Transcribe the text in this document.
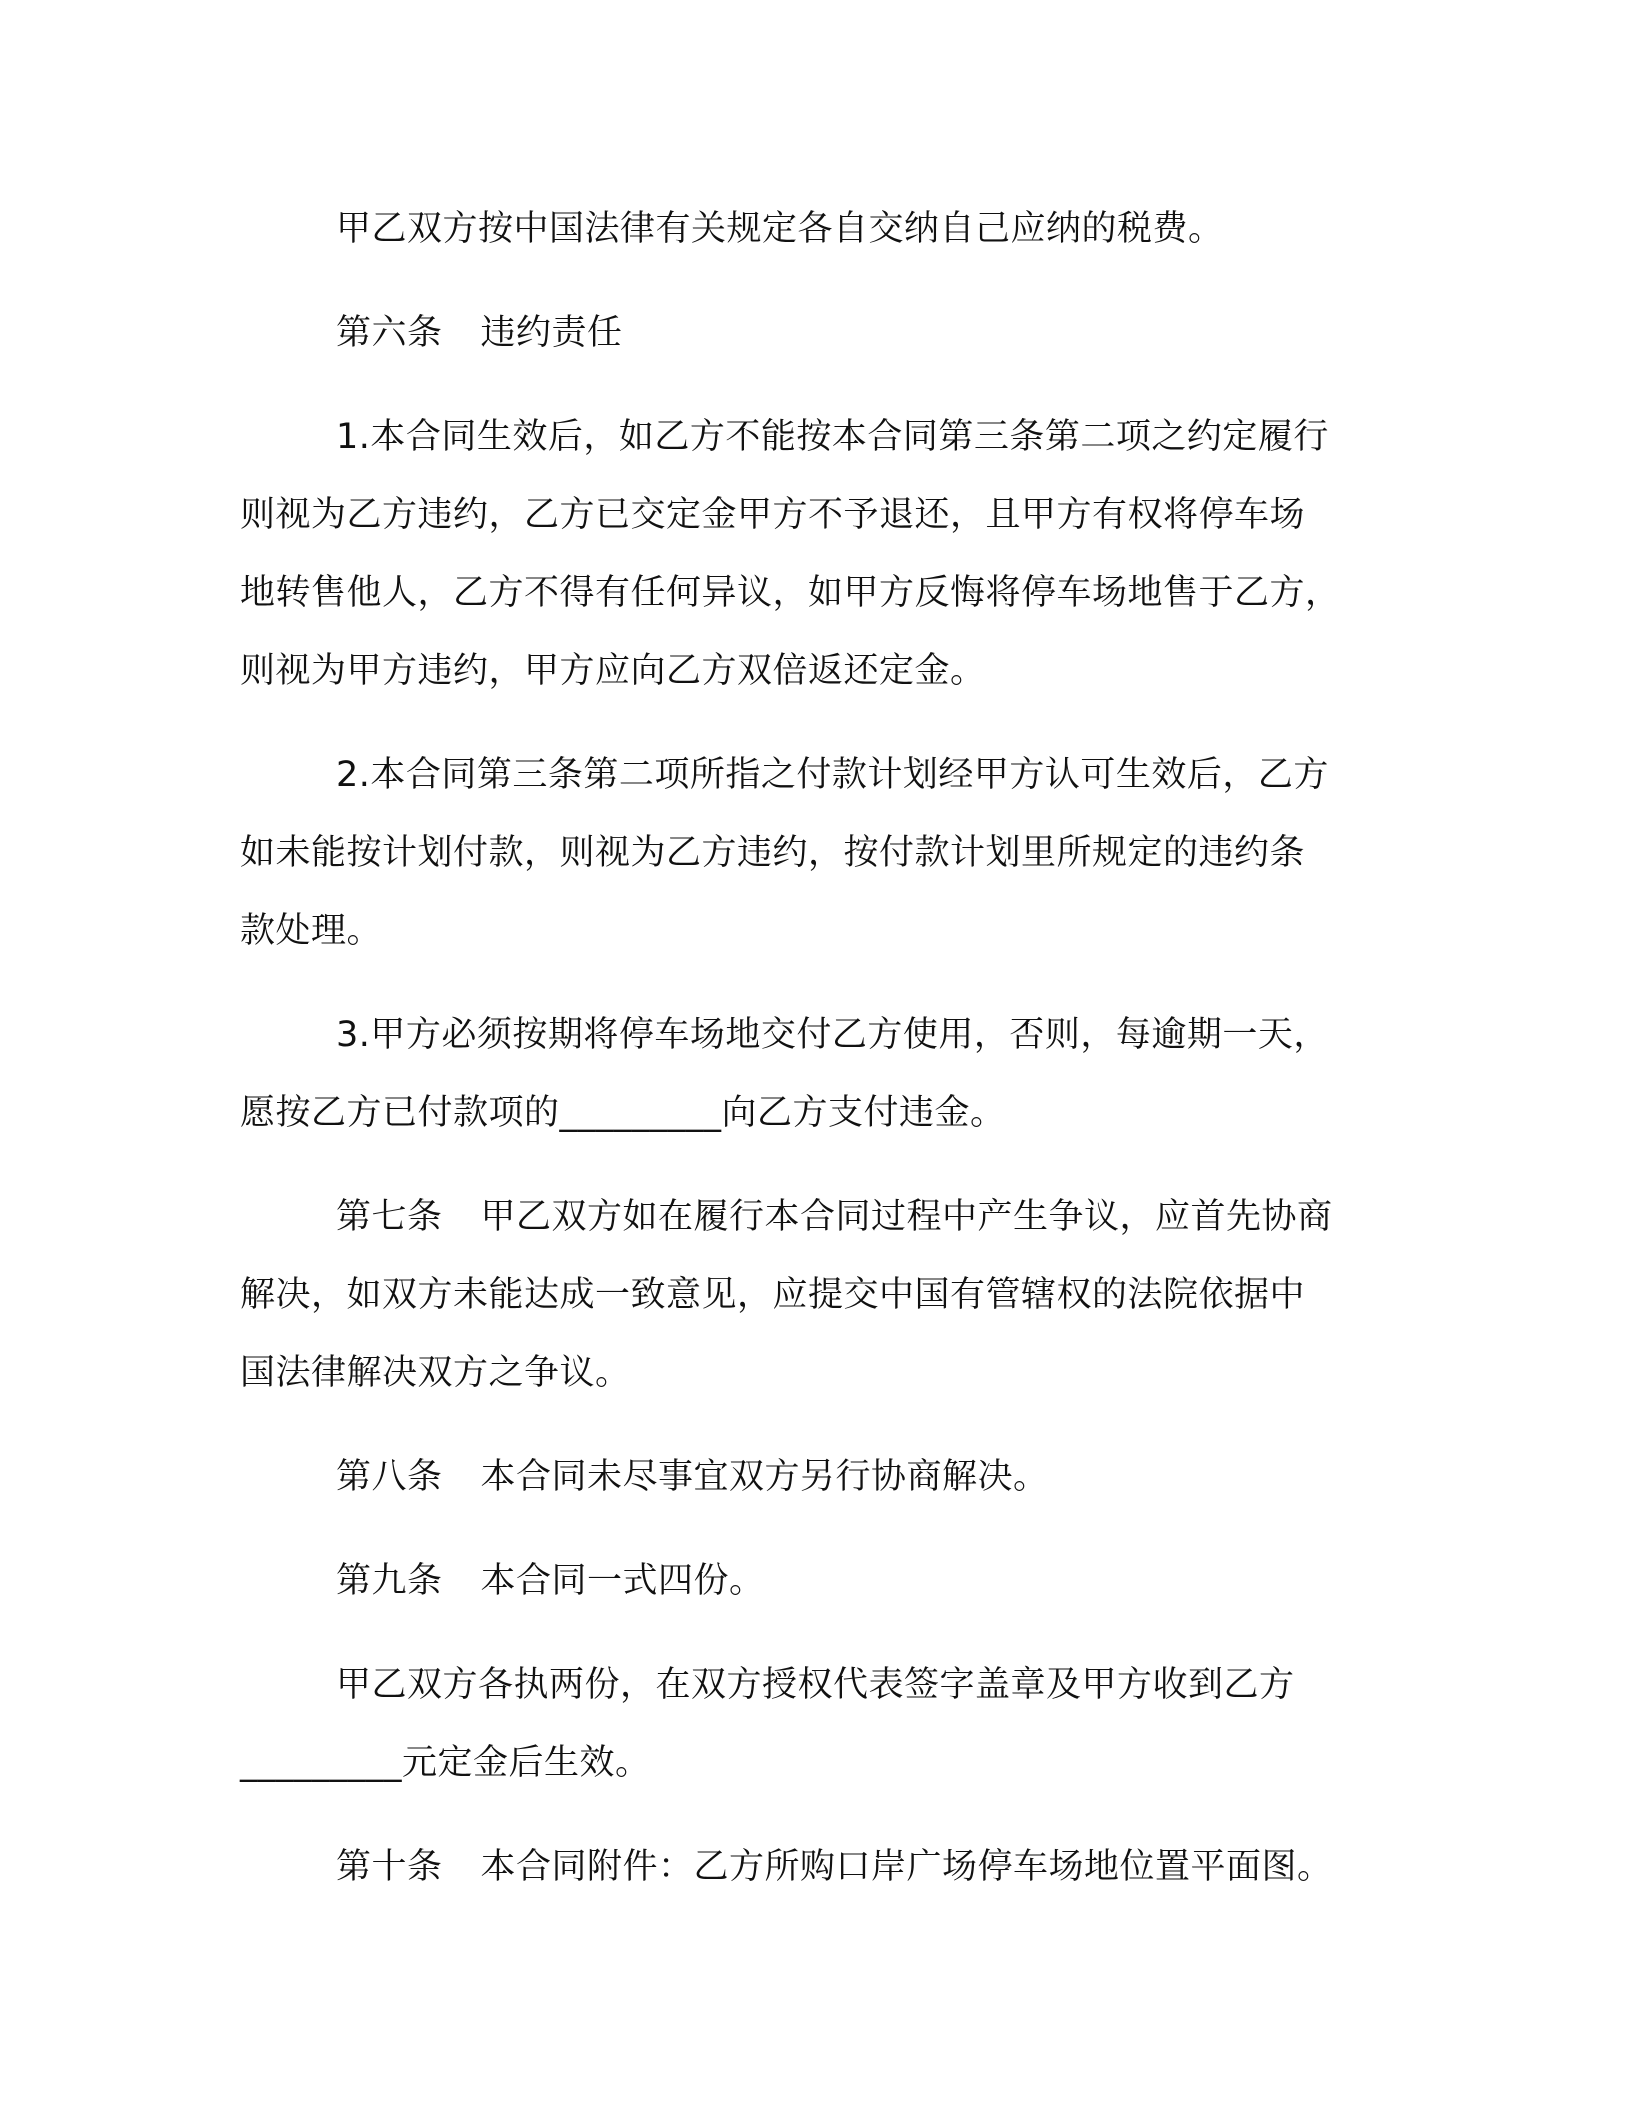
甲乙双方按中国法律有关规定各自交纳自己应纳的税费。
第六条 违约责任
1.本合同生效后，如乙方不能按本合同第三条第二项之约定履行
则视为乙方违约，乙方已交定金甲方不予退还，且甲方有权将停车场
地转售他人，乙方不得有任何异议，如甲方反悔将停车场地售于乙方，
则视为甲方违约，甲方应向乙方双倍返还定金。
2.本合同第三条第二项所指之付款计划经甲方认可生效后，乙方
如未能按计划付款，则视为乙方违约，按付款计划里所规定的违约条
款处理。
3.甲方必须按期将停车场地交付乙方使用，否则，每逾期一天，
愿按乙方已付款项的_________向乙方支付违金。
第七条 甲乙双方如在履行本合同过程中产生争议，应首先协商
解决，如双方未能达成一致意见，应提交中国有管辖权的法院依据中
国法律解决双方之争议。
第八条 本合同未尽事宜双方另行协商解决。
第九条 本合同一式四份。
甲乙双方各执两份，在双方授权代表签字盖章及甲方收到乙方
_________元定金后生效。
第十条 本合同附件：乙方所购口岸广场停车场地位置平面图。
